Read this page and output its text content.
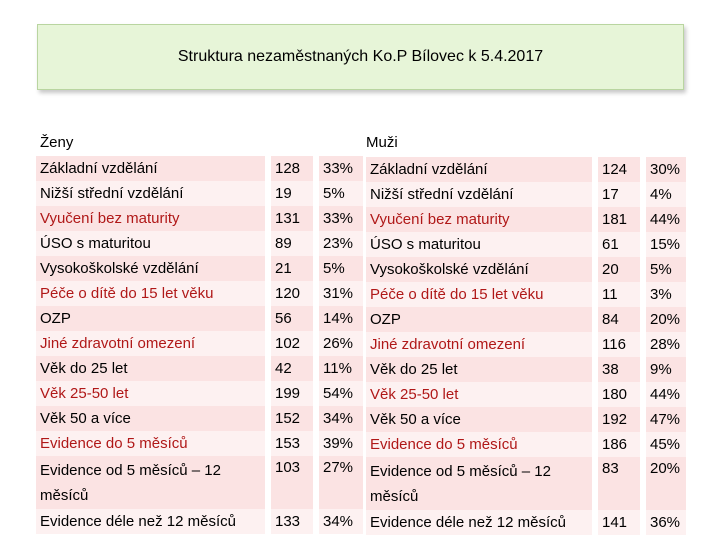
Struktura nezaměstnaných Ko.P Bílovec k 5.4.2017
Ženy	Muži
Základní vzdělání		128		33%
Nižší střední vzdělání		19		5%
Vyučení bez maturity		131		33%
ÚSO s maturitou		89		23%
Vysokoškolské vzdělání		21		5%
Péče o dítě do 15 let věku		120		31%
OZP		56		14%
Jiné zdravotní omezení		102		26%
Věk do 25 let		42		11%
Věk 25-50 let		199		54%
Věk 50 a více		152		34%
Evidence do 5 měsíců		153		39%
Evidence od 5 měsíců – 12 měsíců		103		27%
Evidence déle než 12 měsíců		133		34%
Základní vzdělání		124		30%
Nižší střední vzdělání		17		4%
Vyučení bez maturity		181		44%
ÚSO s maturitou		61		15%
Vysokoškolské vzdělání		20		5%
Péče o dítě do 15 let věku		11		3%
OZP		84		20%
Jiné zdravotní omezení		116		28%
Věk do 25 let		38		9%
Věk 25-50 let		180		44%
Věk 50 a více		192		47%
Evidence do 5 měsíců		186		45%
Evidence od 5 měsíců – 12 měsíců		83		20%
Evidence déle než 12 měsíců		141		36%
